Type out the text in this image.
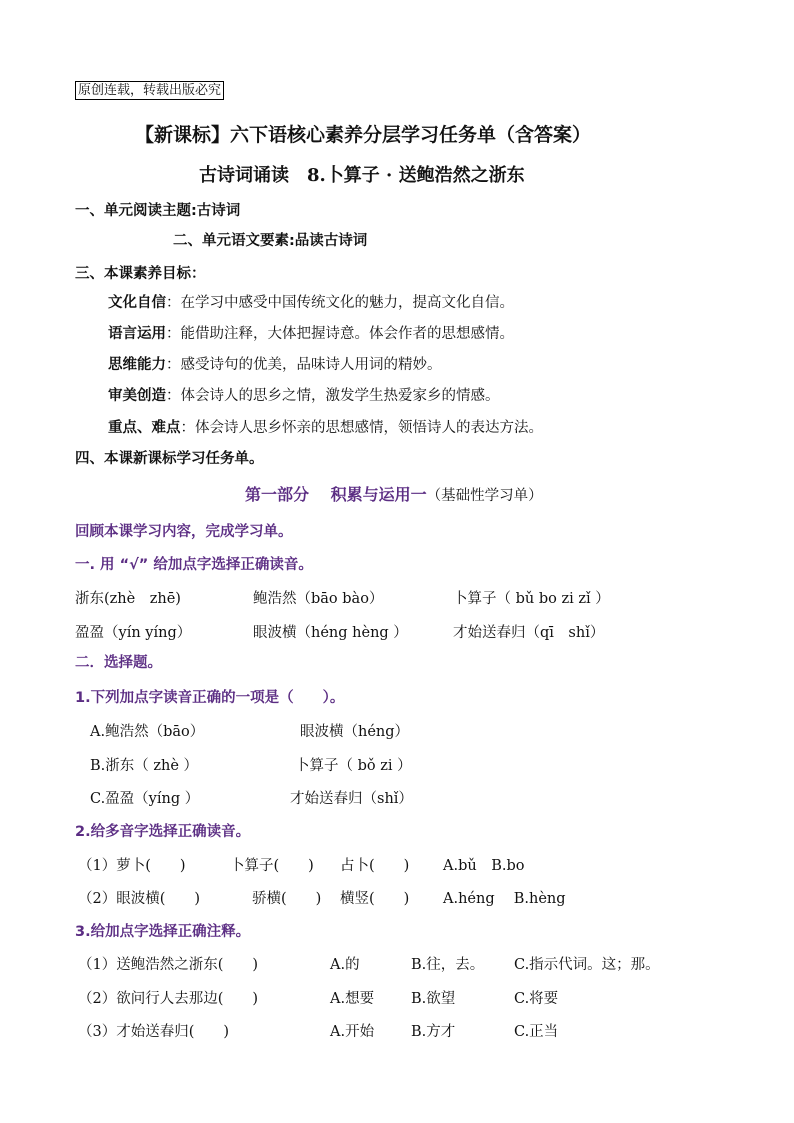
原创连载，转载出版必究
【新课标】六下语核心素养分层学习任务单（含答案）
古诗词诵读　8.卜算子 · 送鲍浩然之浙东
一、单元阅读主题:古诗词
二、单元语文要素:品读古诗词
三、本课素养目标：
文化自信：在学习中感受中国传统文化的魅力，提高文化自信。
语言运用：能借助注释，大体把握诗意。体会作者的思想感情。
思维能力：感受诗句的优美，品味诗人用词的精妙。
审美创造：体会诗人的思乡之情，激发学生热爱家乡的情感。
重点、难点：体会诗人思乡怀亲的思想感情，领悟诗人的表达方法。
四、本课新课标学习任务单。
第一部分　 积累与运用一（基础性学习单）
回顾本课学习内容，完成学习单。
一. 用 “√” 给加点字选择正确读音。
浙东(zhè　zhē)	鲍浩然（bāo bào）	卜算子（ bǔ bo zi zǐ ）
盈盈（yín yíng）	眼波横（héng hèng ）	才始送春归（qī　shǐ）
二．选择题。
1.下列加点字读音正确的一项是（　　）。
A.鲍浩然（bāo）	眼波横（héng）
B.浙东（ zhè ）	卜算子（ bǒ zi ）
C.盈盈（yíng ）	才始送春归（shǐ）
2.给多音字选择正确读音。
（1）萝卜(　　)	卜算子(　　) 占卜(　　) A.bǔ　B.bo
（2）眼波横(　　)	骄横(　　) 横竖(　　) A.héng　 B.hèng
3.给加点字选择正确注释。
（1）送鲍浩然之浙东(　　)	A.的	B.往，去。 C.指示代词。这；那。
（2）欲问行人去那边(　　)	A.想要	B.欲望	C.将要
（3）才始送春归(　　)	A.开始	B.方才	C.正当
